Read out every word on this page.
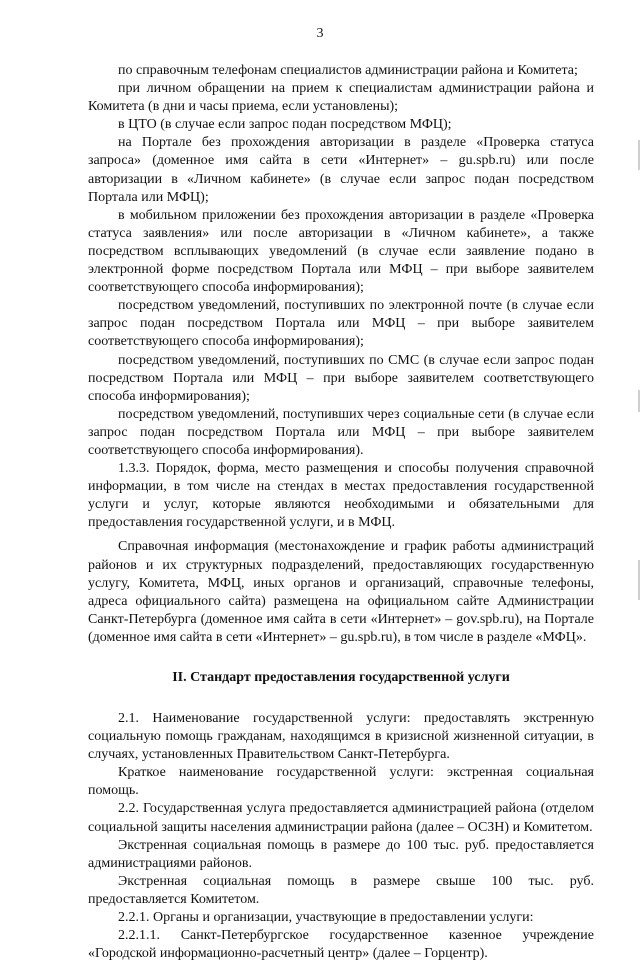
3

по справочным телефонам специалистов администрации района и Комитета;

при личном обращении на прием к специалистам администрации района и Комитета (в дни и часы приема, если установлены);

в ЦТО (в случае если запрос подан посредством МФЦ);

на Портале без прохождения авторизации в разделе «Проверка статуса запроса» (доменное имя сайта в сети «Интернет» – gu.spb.ru) или после авторизации в «Личном кабинете» (в случае если запрос подан посредством Портала или МФЦ);

в мобильном приложении без прохождения авторизации в разделе «Проверка статуса заявления» или после авторизации в «Личном кабинете», а также посредством всплывающих уведомлений (в случае если заявление подано в электронной форме посредством Портала или МФЦ – при выборе заявителем соответствующего способа информирования);

посредством уведомлений, поступивших по электронной почте (в случае если запрос подан посредством Портала или МФЦ – при выборе заявителем соответствующего способа информирования);

посредством уведомлений, поступивших по СМС (в случае если запрос подан посредством Портала или МФЦ – при выборе заявителем соответствующего способа информирования);

посредством уведомлений, поступивших через социальные сети (в случае если запрос подан посредством Портала или МФЦ – при выборе заявителем соответствующего способа информирования).

1.3.3. Порядок, форма, место размещения и способы получения справочной информации, в том числе на стендах в местах предоставления государственной услуги и услуг, которые являются необходимыми и обязательными для предоставления государственной услуги, и в МФЦ.

Справочная информация (местонахождение и график работы администраций районов и их структурных подразделений, предоставляющих государственную услугу, Комитета, МФЦ, иных органов и организаций, справочные телефоны, адреса официального сайта) размещена на официальном сайте Администрации Санкт-Петербурга (доменное имя сайта в сети «Интернет» – gov.spb.ru), на Портале (доменное имя сайта в сети «Интернет» – gu.spb.ru), в том числе в разделе «МФЦ».

II. Стандарт предоставления государственной услуги

2.1. Наименование государственной услуги: предоставлять экстренную социальную помощь гражданам, находящимся в кризисной жизненной ситуации, в случаях, установленных Правительством Санкт-Петербурга.

Краткое наименование государственной услуги: экстренная социальная помощь.

2.2. Государственная услуга предоставляется администрацией района (отделом социальной защиты населения администрации района (далее – ОСЗН) и Комитетом.

Экстренная социальная помощь в размере до 100 тыс. руб. предоставляется администрациями районов.

Экстренная социальная помощь в размере свыше 100 тыс. руб. предоставляется Комитетом.

2.2.1. Органы и организации, участвующие в предоставлении услуги:

2.2.1.1. Санкт-Петербургское государственное казенное учреждение «Городской информационно-расчетный центр» (далее – Горцентр).
